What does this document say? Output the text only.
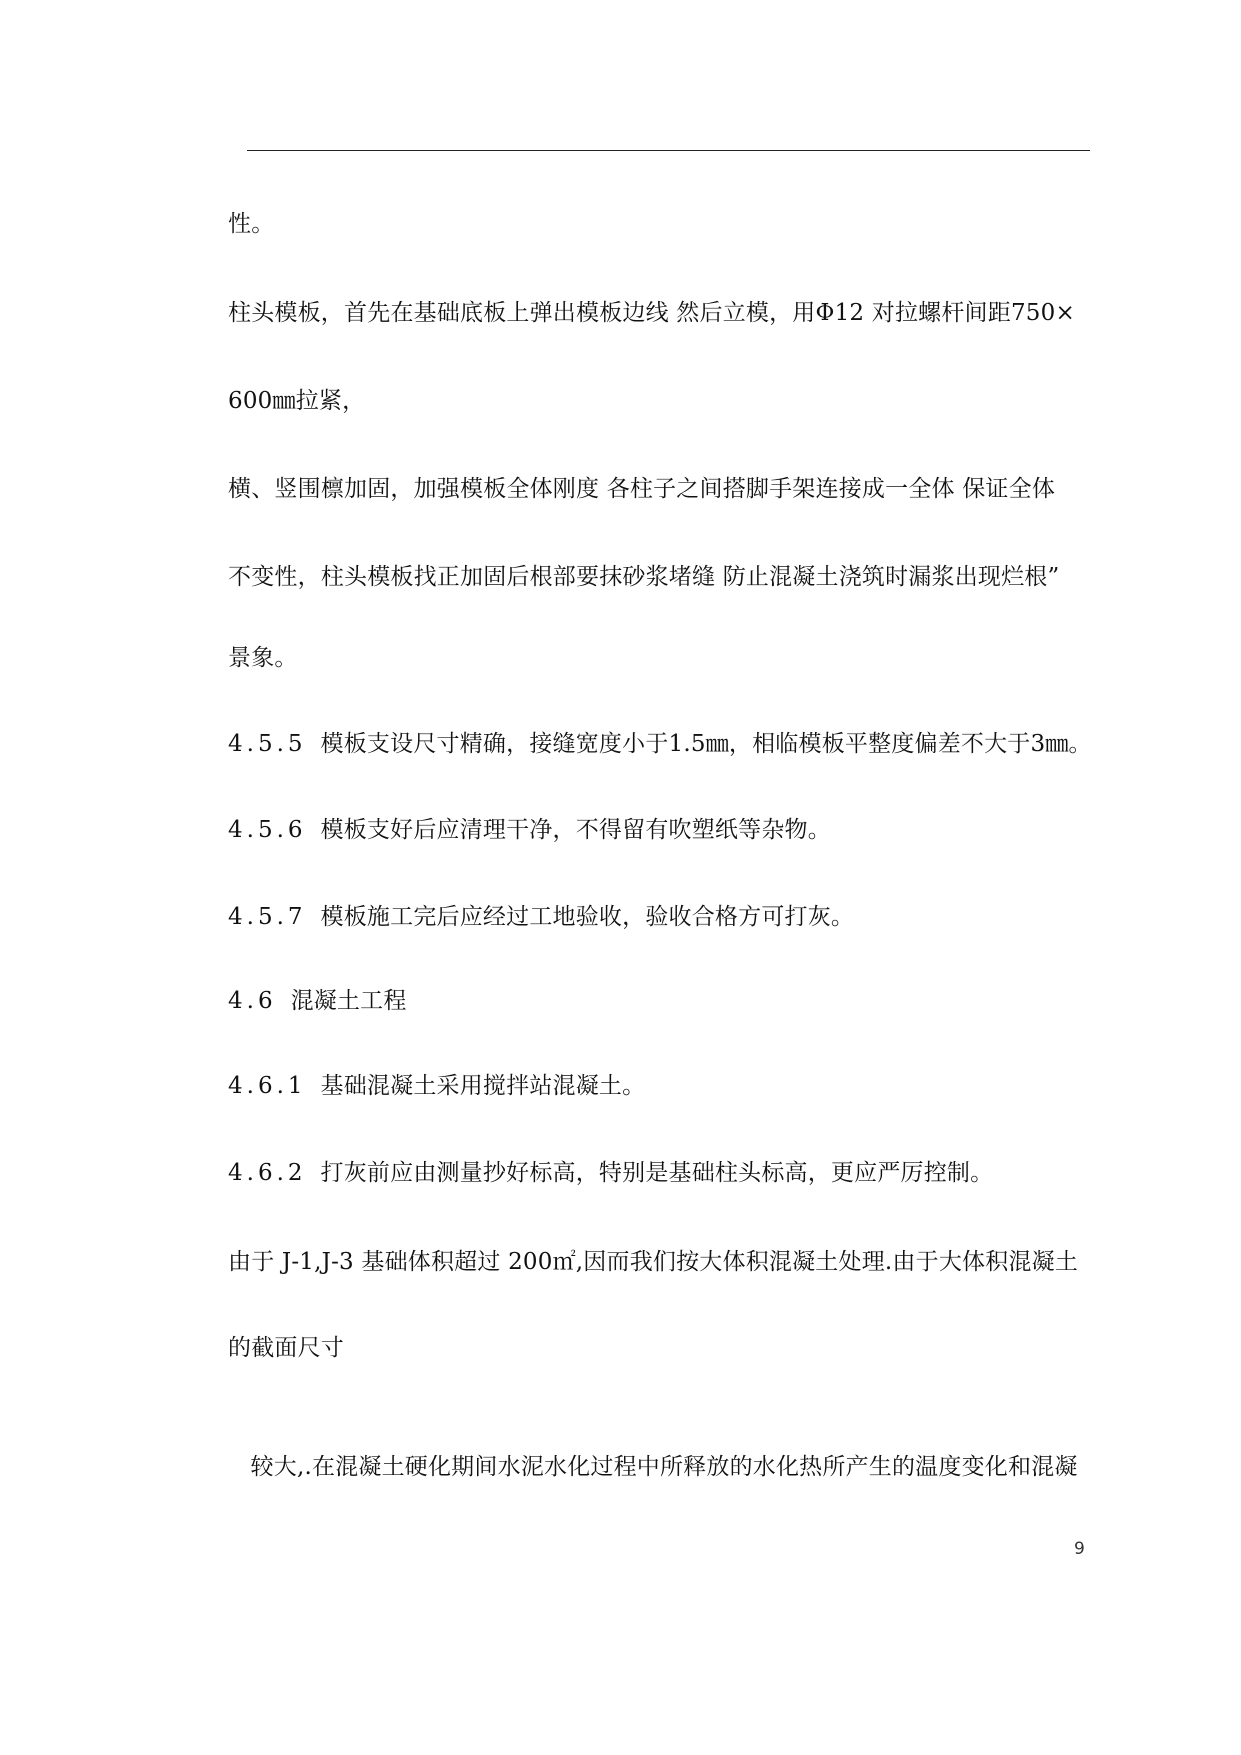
性。

柱头模板，首先在基础底板上弹出模板边线 然后立模，用Φ12 对拉螺杆间距750×

600㎜拉紧，

横、竖围檩加固，加强模板全体刚度 各柱子之间搭脚手架连接成一全体 保证全体

不变性，柱头模板找正加固后根部要抹砂浆堵缝 防止混凝土浇筑时漏浆出现烂根”

景象。

4.5.5 模板支设尺寸精确，接缝宽度小于1.5㎜，相临模板平整度偏差不大于3㎜。

4.5.6 模板支好后应清理干净，不得留有吹塑纸等杂物。

4.5.7 模板施工完后应经过工地验收，验收合格方可打灰。

4.6 混凝土工程

4.6.1 基础混凝土采用搅拌站混凝土。

4.6.2 打灰前应由测量抄好标高，特别是基础柱头标高，更应严厉控制。

由于 J-1,J-3 基础体积超过 200㎡,因而我们按大体积混凝土处理.由于大体积混凝土

的截面尺寸

较大,.在混凝土硬化期间水泥水化过程中所释放的水化热所产生的温度变化和混凝

9
